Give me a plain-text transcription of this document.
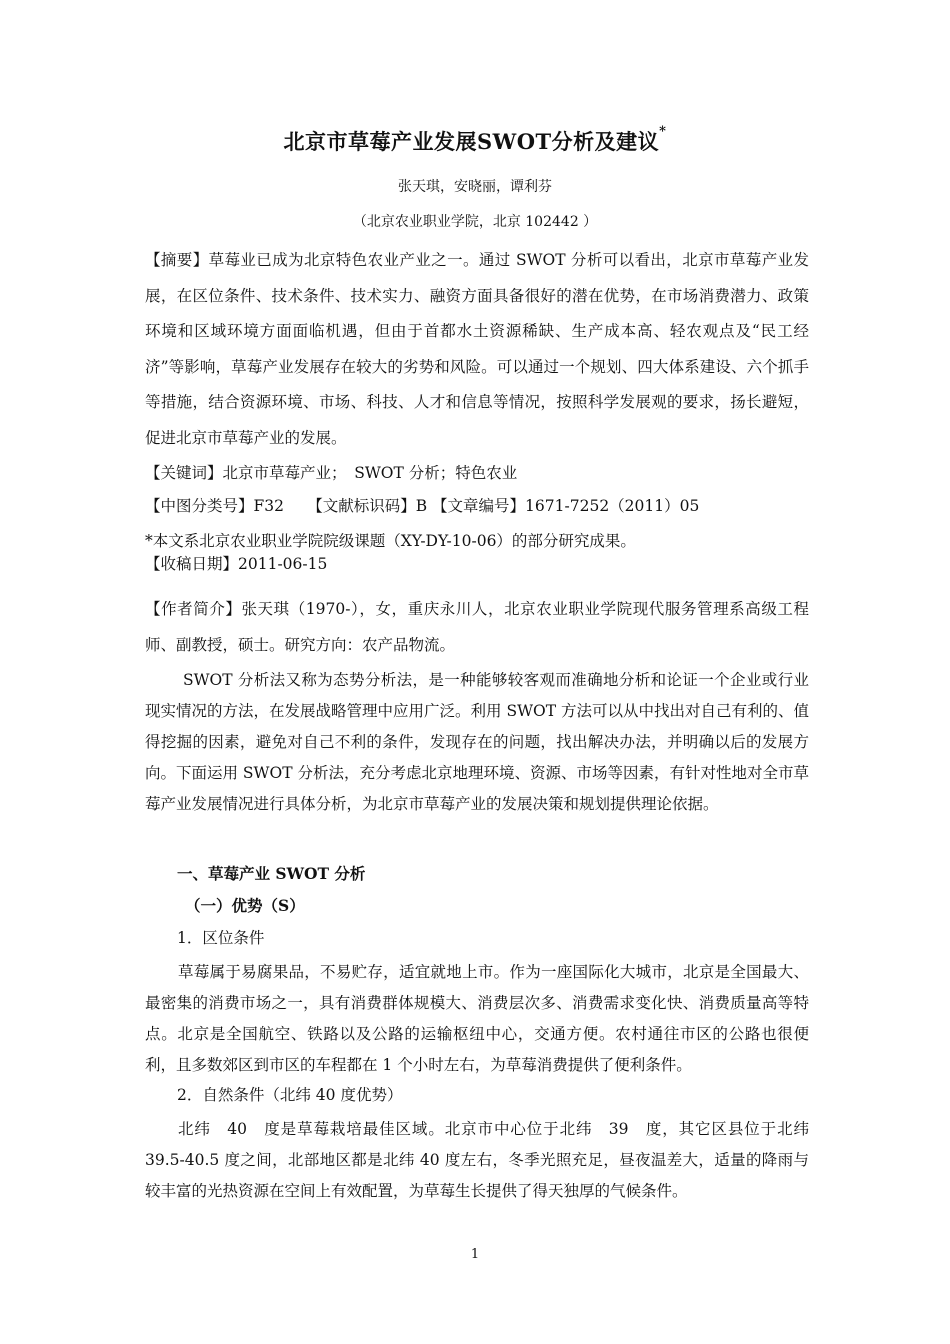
北京市草莓产业发展SWOT分析及建议*
张天琪，安晓丽，谭利芬
（北京农业职业学院，北京 102442 ）
【摘要】草莓业已成为北京特色农业产业之一。通过 SWOT 分析可以看出，北京市草莓产业发展，在区位条件、技术条件、技术实力、融资方面具备很好的潜在优势，在市场消费潜力、政策环境和区域环境方面面临机遇，但由于首都水土资源稀缺、生产成本高、轻农观点及“民工经济”等影响，草莓产业发展存在较大的劣势和风险。可以通过一个规划、四大体系建设、六个抓手等措施，结合资源环境、市场、科技、人才和信息等情况，按照科学发展观的要求，扬长避短，促进北京市草莓产业的发展。
【关键词】北京市草莓产业；　SWOT 分析；特色农业
【中图分类号】F32　　【文献标识码】B 【文章编号】1671-7252（2011）05
*本文系北京农业职业学院院级课题（XY-DY-10-06）的部分研究成果。
【收稿日期】2011-06-15
【作者简介】张天琪（1970-），女，重庆永川人，北京农业职业学院现代服务管理系高级工程师、副教授，硕士。研究方向：农产品物流。
SWOT 分析法又称为态势分析法，是一种能够较客观而准确地分析和论证一个企业或行业现实情况的方法，在发展战略管理中应用广泛。利用 SWOT 方法可以从中找出对自己有利的、值得挖掘的因素，避免对自己不利的条件，发现存在的问题，找出解决办法，并明确以后的发展方向。下面运用 SWOT 分析法，充分考虑北京地理环境、资源、市场等因素，有针对性地对全市草莓产业发展情况进行具体分析，为北京市草莓产业的发展决策和规划提供理论依据。
一、草莓产业 SWOT 分析
（一）优势（S）
1．区位条件
草莓属于易腐果品，不易贮存，适宜就地上市。作为一座国际化大城市，北京是全国最大、最密集的消费市场之一，具有消费群体规模大、消费层次多、消费需求变化快、消费质量高等特点。北京是全国航空、铁路以及公路的运输枢纽中心，交通方便。农村通往市区的公路也很便利，且多数郊区到市区的车程都在 1 个小时左右，为草莓消费提供了便利条件。
2．自然条件（北纬 40 度优势）
北纬　40　度是草莓栽培最佳区域。北京市中心位于北纬　39　度，其它区县位于北纬39.5-40.5 度之间，北部地区都是北纬 40 度左右，冬季光照充足，昼夜温差大，适量的降雨与较丰富的光热资源在空间上有效配置，为草莓生长提供了得天独厚的气候条件。
1
